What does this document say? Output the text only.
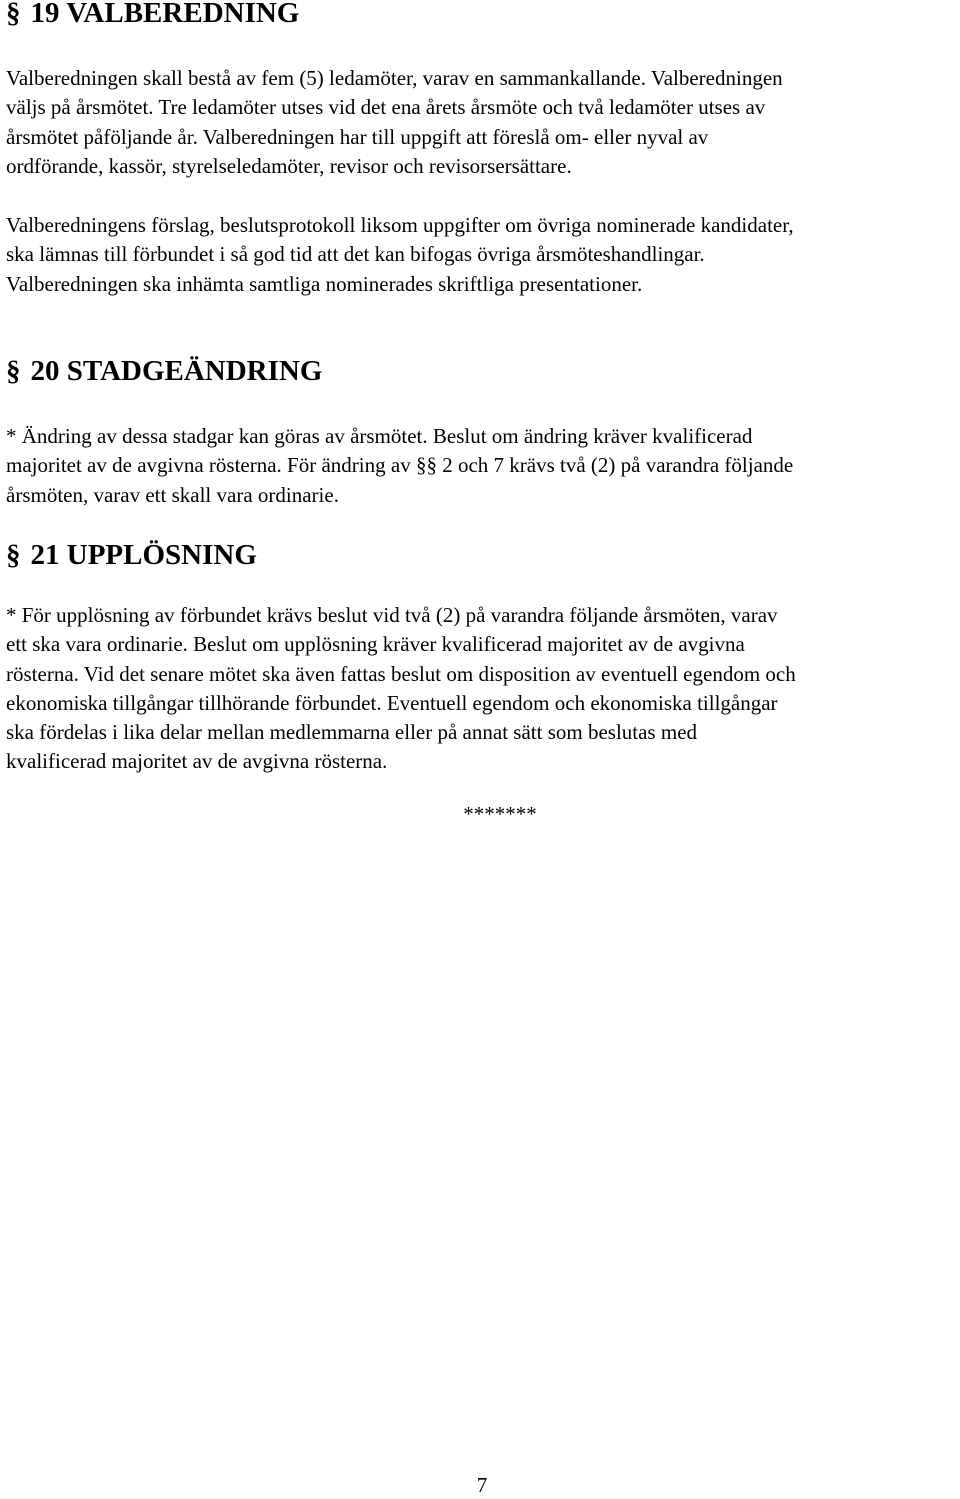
§ 19 VALBEREDNING

Valberedningen skall bestå av fem (5) ledamöter, varav en sammankallande. Valberedningen
väljs på årsmötet. Tre ledamöter utses vid det ena årets årsmöte och två ledamöter utses av
årsmötet påföljande år. Valberedningen har till uppgift att föreslå om- eller nyval av
ordförande, kassör, styrelseledamöter, revisor och revisorsersättare.

Valberedningens förslag, beslutsprotokoll liksom uppgifter om övriga nominerade kandidater,
ska lämnas till förbundet i så god tid att det kan bifogas övriga årsmöteshandlingar.
Valberedningen ska inhämta samtliga nominerades skriftliga presentationer.

§ 20 STADGEÄNDRING

* Ändring av dessa stadgar kan göras av årsmötet. Beslut om ändring kräver kvalificerad
majoritet av de avgivna rösterna. För ändring av §§ 2 och 7 krävs två (2) på varandra följande
årsmöten, varav ett skall vara ordinarie.

§ 21 UPPLÖSNING

* För upplösning av förbundet krävs beslut vid två (2) på varandra följande årsmöten, varav
ett ska vara ordinarie. Beslut om upplösning kräver kvalificerad majoritet av de avgivna
rösterna. Vid det senare mötet ska även fattas beslut om disposition av eventuell egendom och
ekonomiska tillgångar tillhörande förbundet. Eventuell egendom och ekonomiska tillgångar
ska fördelas i lika delar mellan medlemmarna eller på annat sätt som beslutas med
kvalificerad majoritet av de avgivna rösterna.

*******
7
